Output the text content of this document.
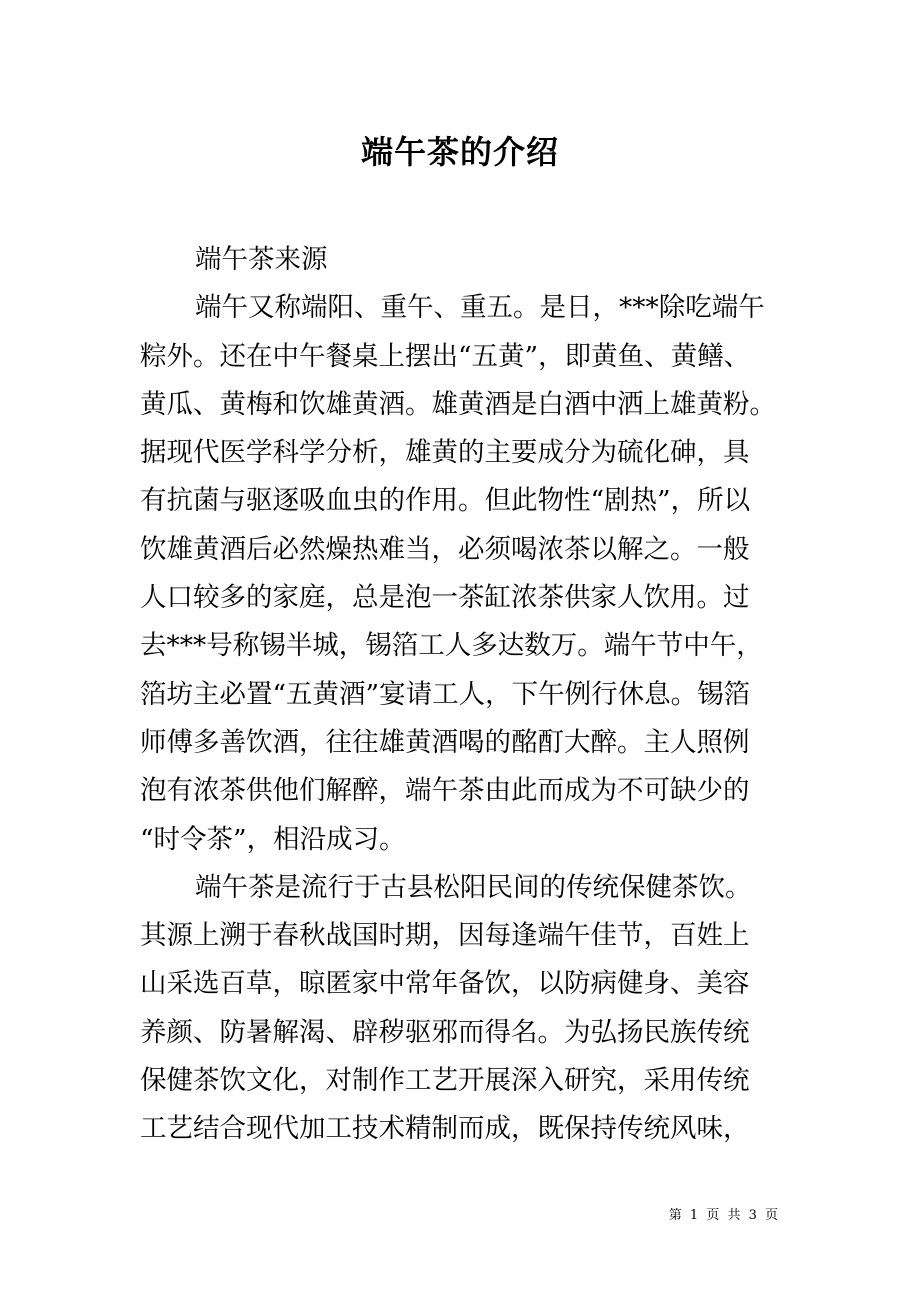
端午茶的介绍
端午茶来源
端午又称端阳、重午、重五。是日，***除吃端午
粽外。还在中午餐桌上摆出“五黄”，即黄鱼、黄鳝、
黄瓜、黄梅和饮雄黄酒。雄黄酒是白酒中洒上雄黄粉。
据现代医学科学分析，雄黄的主要成分为硫化砷，具
有抗菌与驱逐吸血虫的作用。但此物性“剧热”，所以
饮雄黄酒后必然燥热难当，必须喝浓茶以解之。一般
人口较多的家庭，总是泡一茶缸浓茶供家人饮用。过
去***号称锡半城，锡箔工人多达数万。端午节中午，
箔坊主必置“五黄酒”宴请工人，下午例行休息。锡箔
师傅多善饮酒，往往雄黄酒喝的酩酊大醉。主人照例
泡有浓茶供他们解醉，端午茶由此而成为不可缺少的
“时令茶”，相沿成习。
端午茶是流行于古县松阳民间的传统保健茶饮。
其源上溯于春秋战国时期，因每逢端午佳节，百姓上
山采选百草，晾匿家中常年备饮，以防病健身、美容
养颜、防暑解渴、辟秽驱邪而得名。为弘扬民族传统
保健茶饮文化，对制作工艺开展深入研究，采用传统
工艺结合现代加工技术精制而成，既保持传统风味，
第 1 页 共 3 页
